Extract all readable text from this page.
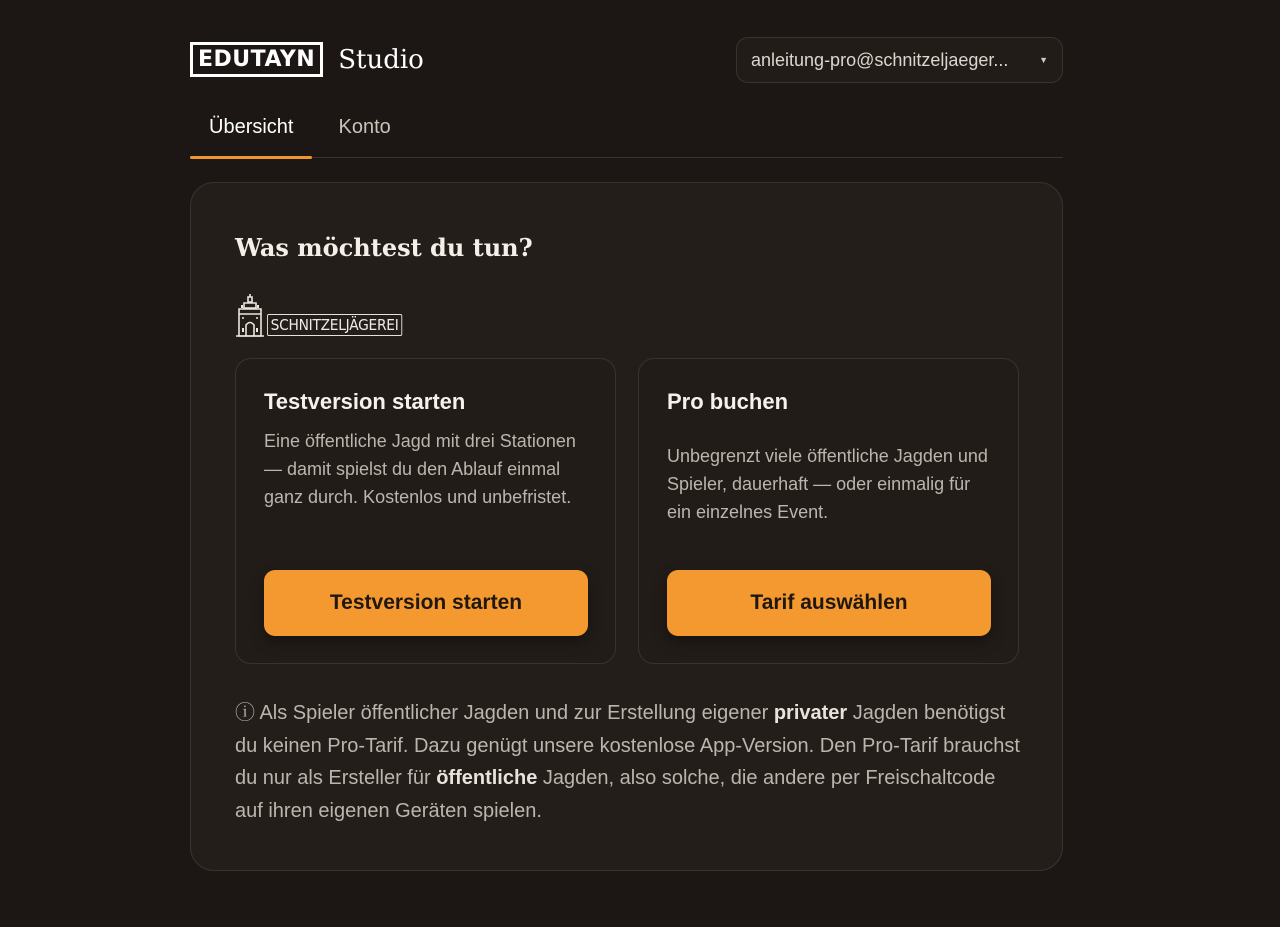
EDUTAYN Studio	anleitung-pro@schnitzeljaeger...	▼
Übersicht	Konto
Was möchtest du tun?
SCHNITZELJÄGEREI
Testversion starten
Eine öffentliche Jagd mit drei Stationen — damit spielst du den Ablauf einmal ganz durch. Kostenlos und unbefristet.
Testversion starten
Pro buchen
Unbegrenzt viele öffentliche Jagden und Spieler, dauerhaft — oder einmalig für ein einzelnes Event.
Tarif auswählen
ⓘ Als Spieler öffentlicher Jagden und zur Erstellung eigener privater Jagden benötigst du keinen Pro-Tarif. Dazu genügt unsere kostenlose App-Version. Den Pro-Tarif brauchst du nur als Ersteller für öffentliche Jagden, also solche, die andere per Freischaltcode auf ihren eigenen Geräten spielen.
